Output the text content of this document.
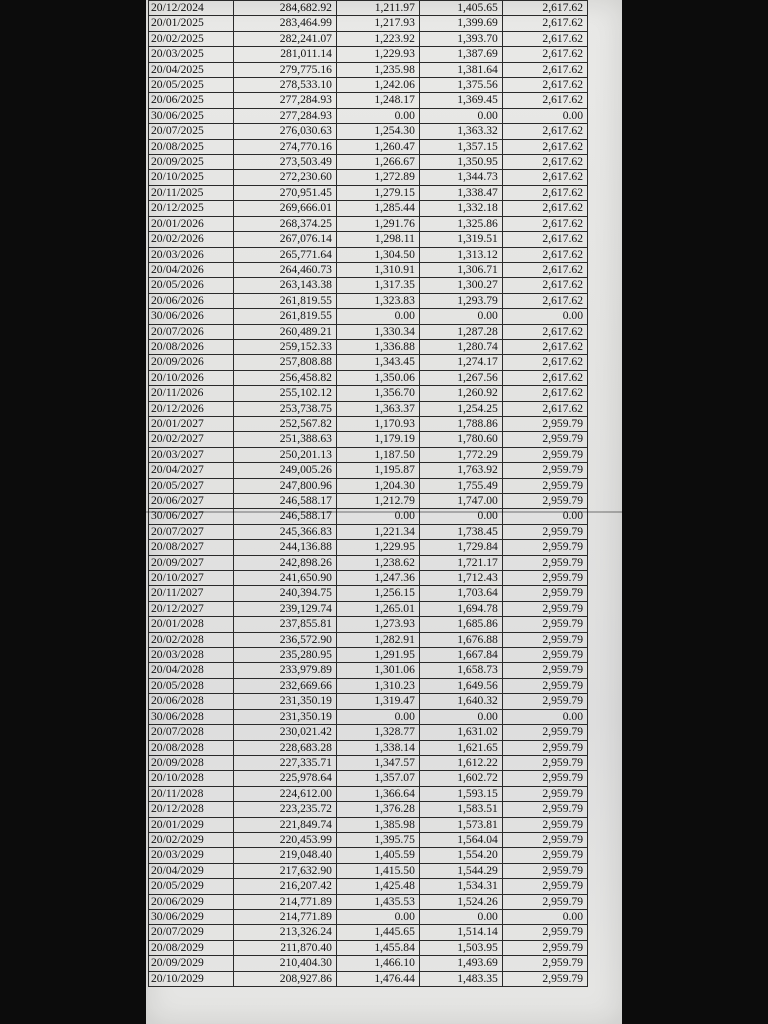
20/12/2024	284,682.92	1,211.97	1,405.65	2,617.62
20/01/2025	283,464.99	1,217.93	1,399.69	2,617.62
20/02/2025	282,241.07	1,223.92	1,393.70	2,617.62
20/03/2025	281,011.14	1,229.93	1,387.69	2,617.62
20/04/2025	279,775.16	1,235.98	1,381.64	2,617.62
20/05/2025	278,533.10	1,242.06	1,375.56	2,617.62
20/06/2025	277,284.93	1,248.17	1,369.45	2,617.62
30/06/2025	277,284.93	0.00	0.00	0.00
20/07/2025	276,030.63	1,254.30	1,363.32	2,617.62
20/08/2025	274,770.16	1,260.47	1,357.15	2,617.62
20/09/2025	273,503.49	1,266.67	1,350.95	2,617.62
20/10/2025	272,230.60	1,272.89	1,344.73	2,617.62
20/11/2025	270,951.45	1,279.15	1,338.47	2,617.62
20/12/2025	269,666.01	1,285.44	1,332.18	2,617.62
20/01/2026	268,374.25	1,291.76	1,325.86	2,617.62
20/02/2026	267,076.14	1,298.11	1,319.51	2,617.62
20/03/2026	265,771.64	1,304.50	1,313.12	2,617.62
20/04/2026	264,460.73	1,310.91	1,306.71	2,617.62
20/05/2026	263,143.38	1,317.35	1,300.27	2,617.62
20/06/2026	261,819.55	1,323.83	1,293.79	2,617.62
30/06/2026	261,819.55	0.00	0.00	0.00
20/07/2026	260,489.21	1,330.34	1,287.28	2,617.62
20/08/2026	259,152.33	1,336.88	1,280.74	2,617.62
20/09/2026	257,808.88	1,343.45	1,274.17	2,617.62
20/10/2026	256,458.82	1,350.06	1,267.56	2,617.62
20/11/2026	255,102.12	1,356.70	1,260.92	2,617.62
20/12/2026	253,738.75	1,363.37	1,254.25	2,617.62
20/01/2027	252,567.82	1,170.93	1,788.86	2,959.79
20/02/2027	251,388.63	1,179.19	1,780.60	2,959.79
20/03/2027	250,201.13	1,187.50	1,772.29	2,959.79
20/04/2027	249,005.26	1,195.87	1,763.92	2,959.79
20/05/2027	247,800.96	1,204.30	1,755.49	2,959.79
20/06/2027	246,588.17	1,212.79	1,747.00	2,959.79
30/06/2027	246,588.17	0.00	0.00	0.00
20/07/2027	245,366.83	1,221.34	1,738.45	2,959.79
20/08/2027	244,136.88	1,229.95	1,729.84	2,959.79
20/09/2027	242,898.26	1,238.62	1,721.17	2,959.79
20/10/2027	241,650.90	1,247.36	1,712.43	2,959.79
20/11/2027	240,394.75	1,256.15	1,703.64	2,959.79
20/12/2027	239,129.74	1,265.01	1,694.78	2,959.79
20/01/2028	237,855.81	1,273.93	1,685.86	2,959.79
20/02/2028	236,572.90	1,282.91	1,676.88	2,959.79
20/03/2028	235,280.95	1,291.95	1,667.84	2,959.79
20/04/2028	233,979.89	1,301.06	1,658.73	2,959.79
20/05/2028	232,669.66	1,310.23	1,649.56	2,959.79
20/06/2028	231,350.19	1,319.47	1,640.32	2,959.79
30/06/2028	231,350.19	0.00	0.00	0.00
20/07/2028	230,021.42	1,328.77	1,631.02	2,959.79
20/08/2028	228,683.28	1,338.14	1,621.65	2,959.79
20/09/2028	227,335.71	1,347.57	1,612.22	2,959.79
20/10/2028	225,978.64	1,357.07	1,602.72	2,959.79
20/11/2028	224,612.00	1,366.64	1,593.15	2,959.79
20/12/2028	223,235.72	1,376.28	1,583.51	2,959.79
20/01/2029	221,849.74	1,385.98	1,573.81	2,959.79
20/02/2029	220,453.99	1,395.75	1,564.04	2,959.79
20/03/2029	219,048.40	1,405.59	1,554.20	2,959.79
20/04/2029	217,632.90	1,415.50	1,544.29	2,959.79
20/05/2029	216,207.42	1,425.48	1,534.31	2,959.79
20/06/2029	214,771.89	1,435.53	1,524.26	2,959.79
30/06/2029	214,771.89	0.00	0.00	0.00
20/07/2029	213,326.24	1,445.65	1,514.14	2,959.79
20/08/2029	211,870.40	1,455.84	1,503.95	2,959.79
20/09/2029	210,404.30	1,466.10	1,493.69	2,959.79
20/10/2029	208,927.86	1,476.44	1,483.35	2,959.79
